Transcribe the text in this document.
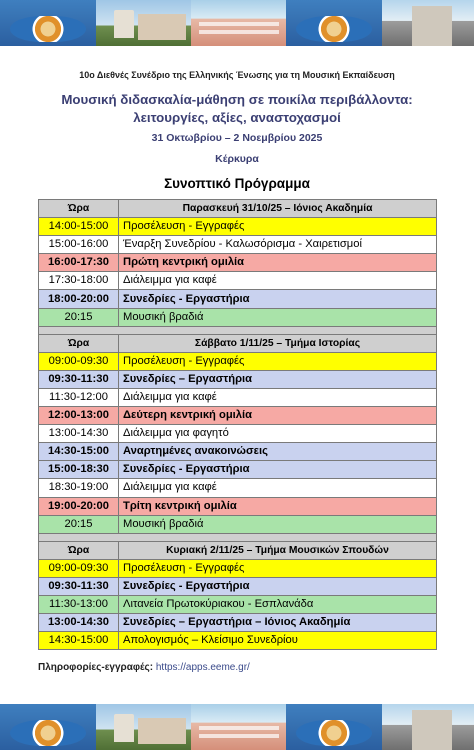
10ο Διεθνές Συνέδριο της Ελληνικής Ένωσης για τη Μουσική Εκπαίδευση
Μουσική διδασκαλία-μάθηση σε ποικίλα περιβάλλοντα:
λειτουργίες, αξίες, αναστοχασμοί
31 Οκτωβρίου – 2 Νοεμβρίου 2025
Κέρκυρα
Συνοπτικό Πρόγραμμα
Ώρα	Παρασκευή 31/10/25 – Ιόνιος Ακαδημία
14:00-15:00	Προσέλευση - Εγγραφές
15:00-16:00	Έναρξη Συνεδρίου - Καλωσόρισμα - Χαιρετισμοί
16:00-17:30	Πρώτη κεντρική ομιλία
17:30-18:00	Διάλειμμα για καφέ
18:00-20:00	Συνεδρίες - Εργαστήρια
20:15	Μουσική βραδιά

Ώρα	Σάββατο 1/11/25 – Τμήμα Ιστορίας
09:00-09:30	Προσέλευση - Εγγραφές
09:30-11:30	Συνεδρίες – Εργαστήρια
11:30-12:00	Διάλειμμα για καφέ
12:00-13:00	Δεύτερη κεντρική ομιλία
13:00-14:30	Διάλειμμα για φαγητό
14:30-15:00	Αναρτημένες ανακοινώσεις
15:00-18:30	Συνεδρίες - Εργαστήρια
18:30-19:00	Διάλειμμα για καφέ
19:00-20:00	Τρίτη κεντρική ομιλία
20:15	Μουσική βραδιά

Ώρα	Κυριακή 2/11/25 – Τμήμα Μουσικών Σπουδών
09:00-09:30	Προσέλευση - Εγγραφές
09:30-11:30	Συνεδρίες - Εργαστήρια
11:30-13:00	Λιτανεία Πρωτοκύριακου - Εσπλανάδα
13:00-14:30	Συνεδρίες – Εργαστήρια – Ιόνιος Ακαδημία
14:30-15:00	Απολογισμός – Κλείσιμο Συνεδρίου
Πληροφορίες-εγγραφές: https://apps.eeme.gr/
